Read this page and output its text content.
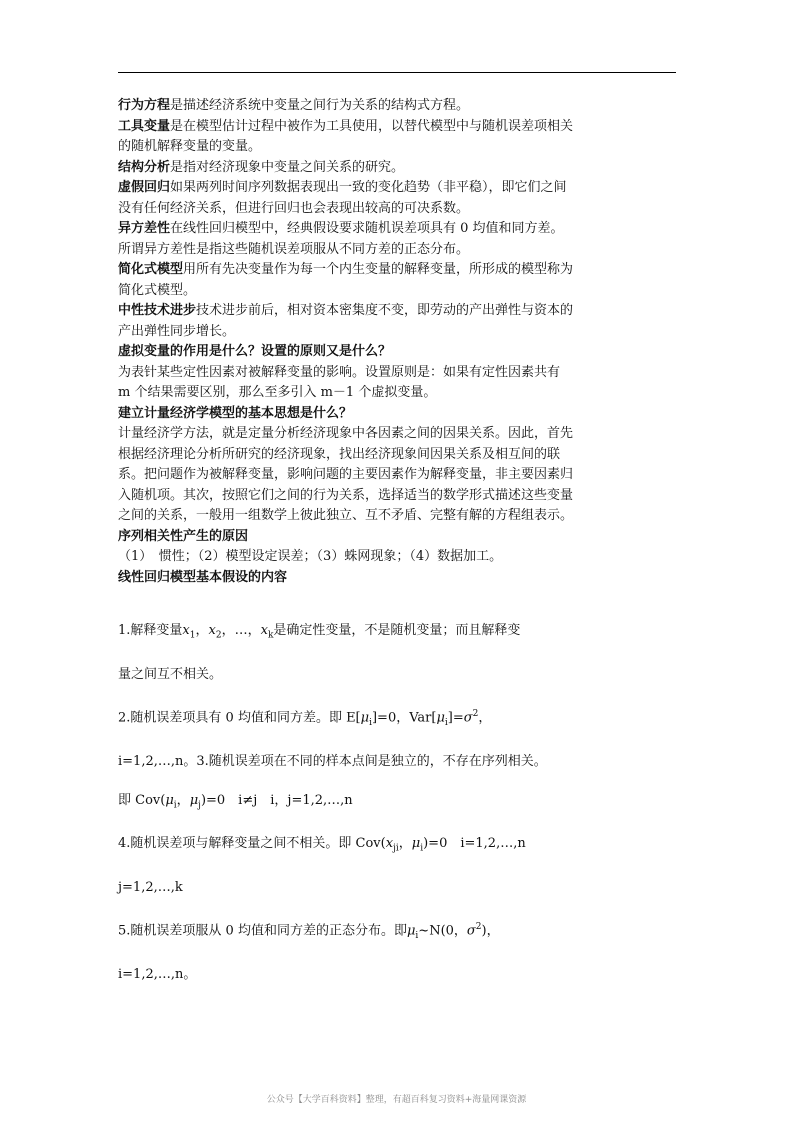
行为方程是描述经济系统中变量之间行为关系的结构式方程。

工具变量是在模型估计过程中被作为工具使用，以替代模型中与随机误差项相关的随机解释变量的变量。

结构分析是指对经济现象中变量之间关系的研究。

虚假回归如果两列时间序列数据表现出一致的变化趋势（非平稳），即它们之间没有任何经济关系，但进行回归也会表现出较高的可决系数。

异方差性在线性回归模型中，经典假设要求随机误差项具有 0 均值和同方差。所谓异方差性是指这些随机误差项服从不同方差的正态分布。

简化式模型用所有先决变量作为每一个内生变量的解释变量，所形成的模型称为简化式模型。

中性技术进步技术进步前后，相对资本密集度不变，即劳动的产出弹性与资本的产出弹性同步增长。

虚拟变量的作用是什么？设置的原则又是什么？

为表针某些定性因素对被解释变量的影响。设置原则是：如果有定性因素共有 m 个结果需要区别，那么至多引入 m－1 个虚拟变量。

建立计量经济学模型的基本思想是什么？

计量经济学方法，就是定量分析经济现象中各因素之间的因果关系。因此，首先根据经济理论分析所研究的经济现象，找出经济现象间因果关系及相互间的联系。把问题作为被解释变量，影响问题的主要因素作为解释变量，非主要因素归入随机项。其次，按照它们之间的行为关系，选择适当的数学形式描述这些变量之间的关系，一般用一组数学上彼此独立、互不矛盾、完整有解的方程组表示。

序列相关性产生的原因

（1）　惯性；（2）模型设定误差；（3）蛛网现象；（4）数据加工。

线性回归模型基本假设的内容

1.解释变量$x_1$，$x_2$，…，$x_k$是确定性变量，不是随机变量；而且解释变

量之间互不相关。

2.随机误差项具有 0 均值和同方差。即 $E[\mu_i]=0$，$Var[\mu_i]=\sigma^2$，

i=1,2,…,n。3.随机误差项在不同的样本点间是独立的，不存在序列相关。

即 $Cov(\mu_i$，$\mu_j)=0$　i≠j　i，j=1,2,…,n

4.随机误差项与解释变量之间不相关。即 $Cov(x_{ji}$，$\mu_i)=0$　i=1,2,…,n

j=1,2,…,k

5.随机误差项服从 0 均值和同方差的正态分布。即$\mu_i\sim N(0$，$\sigma^2$)，

i=1,2,…,n。

公众号【大学百科资料】整理，有超百科复习资料+海量网课资源
